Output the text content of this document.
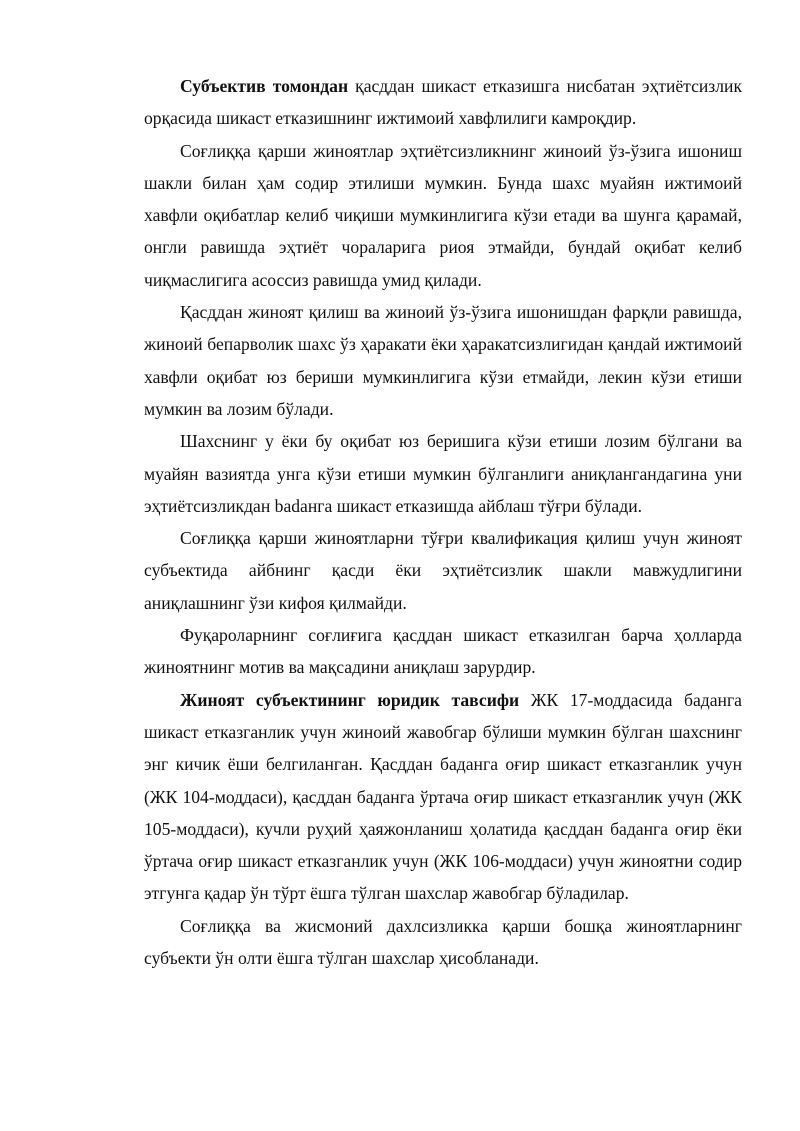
Субъектив томондан қасддан шикаст етказишга нисбатан эҳтиётсизлик орқасида шикаст етказишнинг ижтимоий хавфлилиги камроқдир.

Соғлиққа қарши жиноятлар эҳтиётсизликнинг жиноий ўз-ўзига ишониш шакли билан ҳам содир этилиши мумкин. Бунда шахс муайян ижтимоий хавфли оқибатлар келиб чиқиши мумкинлигига кўзи етади ва шунга қарамай, онгли равишда эҳтиёт чораларига риоя этмайди, бундай оқибат келиб чиқмаслигига асоссиз равишда умид қилади.

Қасддан жиноят қилиш ва жиноий ўз-ўзига ишонишдан фарқли равишда, жиноий бепарволик шахс ўз ҳаракати ёки ҳаракатсизлигидан қандай ижтимоий хавфли оқибат юз бериши мумкинлигига кўзи етмайди, лекин кўзи етиши мумкин ва лозим бўлади.

Шахснинг у ёки бу оқибат юз беришига кўзи етиши лозим бўлгани ва муайян вазиятда унга кўзи етиши мумкин бўлганлиги аниқлангандагина уни эҳтиётсизликдан badанга шикаст етказишда айблаш тўғри бўлади.

Соғлиққа қарши жиноятларни тўғри квалификация қилиш учун жиноят субъектида айбнинг қасди ёки эҳтиётсизлик шакли мавжудлигини аниқлашнинг ўзи кифоя қилмайди.

Фуқароларнинг соғлиғига қасддан шикаст етказилган барча ҳолларда жиноятнинг мотив ва мақсадини аниқлаш зарурдир.

Жиноят субъектининг юридик тавсифи ЖК 17-моддасида баданга шикаст етказганлик учун жиноий жавобгар бўлиши мумкин бўлган шахснинг энг кичик ёши белгиланган. Қасддан баданга оғир шикаст етказганлик учун (ЖК 104-моддаси), қасддан баданга ўртача оғир шикаст етказганлик учун (ЖК 105-моддаси), кучли руҳий ҳаяжонланиш ҳолатида қасддан баданга оғир ёки ўртача оғир шикаст етказганлик учун (ЖК 106-моддаси) учун жиноятни содир этгунга қадар ўн тўрт ёшга тўлган шахслар жавобгар бўладилар.

Соғлиққа ва жисмоний дахлсизликка қарши бошқа жиноятларнинг субъекти ўн олти ёшга тўлган шахслар ҳисобланади.
